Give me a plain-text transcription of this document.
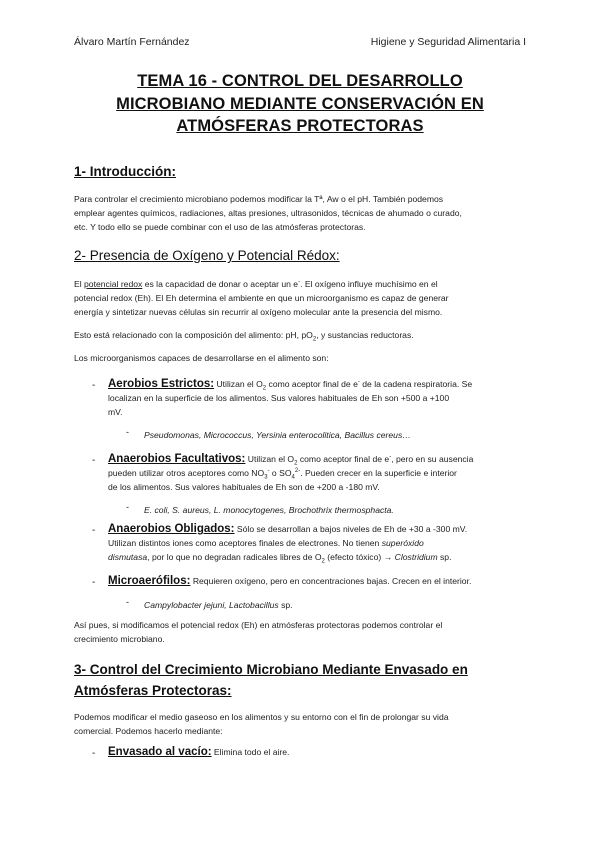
Álvaro Martín Fernández	Higiene y Seguridad Alimentaria I
TEMA 16 - CONTROL DEL DESARROLLO
MICROBIANO MEDIANTE CONSERVACIÓN EN
ATMÓSFERAS PROTECTORAS
1- Introducción:
Para controlar el crecimiento microbiano podemos modificar la Tª, Aw o el pH. También podemos
emplear agentes químicos, radiaciones, altas presiones, ultrasonidos, técnicas de ahumado o curado,
etc. Y todo ello se puede combinar con el uso de las atmósferas protectoras.
2- Presencia de Oxígeno y Potencial Rédox:
El potencial redox es la capacidad de donar o aceptar un e-. El oxígeno influye muchísimo en el
potencial redox (Eh). El Eh determina el ambiente en que un microorganismo es capaz de generar
energía y sintetizar nuevas células sin recurrir al oxígeno molecular ante la presencia del mismo.
Esto está relacionado con la composición del alimento: pH, $pO_2$, y sustancias reductoras.
Los microorganismos capaces de desarrollarse en el alimento son:
- Aerobios Estrictos: Utilizan el $O_2$ como aceptor final de e- de la cadena respiratoria. Se
localizan en la superficie de los alimentos. Sus valores habituales de Eh son +500 a +100
mV.
- Pseudomonas, Micrococcus, Yersinia enterocolitica, Bacillus cereus…
- Anaerobios Facultativos: Utilizan el $O_2$ como aceptor final de e-, pero en su ausencia
pueden utilizar otros aceptores como $NO_3^-$ o $SO_4^{2-}$. Pueden crecer en la superficie e interior
de los alimentos. Sus valores habituales de Eh son de +200 a -180 mV.
- E. coli, S. aureus, L. monocytogenes, Brochothrix thermosphacta.
- Anaerobios Obligados: Sólo se desarrollan a bajos niveles de Eh de +30 a -300 mV.
Utilizan distintos iones como aceptores finales de electrones. No tienen superóxido
dismutasa, por lo que no degradan radicales libres de $O_2$ (efecto tóxico) → Clostridium sp.
- Microaerófilos: Requieren oxígeno, pero en concentraciones bajas. Crecen en el interior.
- Campylobacter jejuni, Lactobacillus sp.
Así pues, si modificamos el potencial redox (Eh) en atmósferas protectoras podemos controlar el
crecimiento microbiano.
3- Control del Crecimiento Microbiano Mediante Envasado en
Atmósferas Protectoras:
Podemos modificar el medio gaseoso en los alimentos y su entorno con el fin de prolongar su vida
comercial. Podemos hacerlo mediante:
- Envasado al vacío: Elimina todo el aire.
